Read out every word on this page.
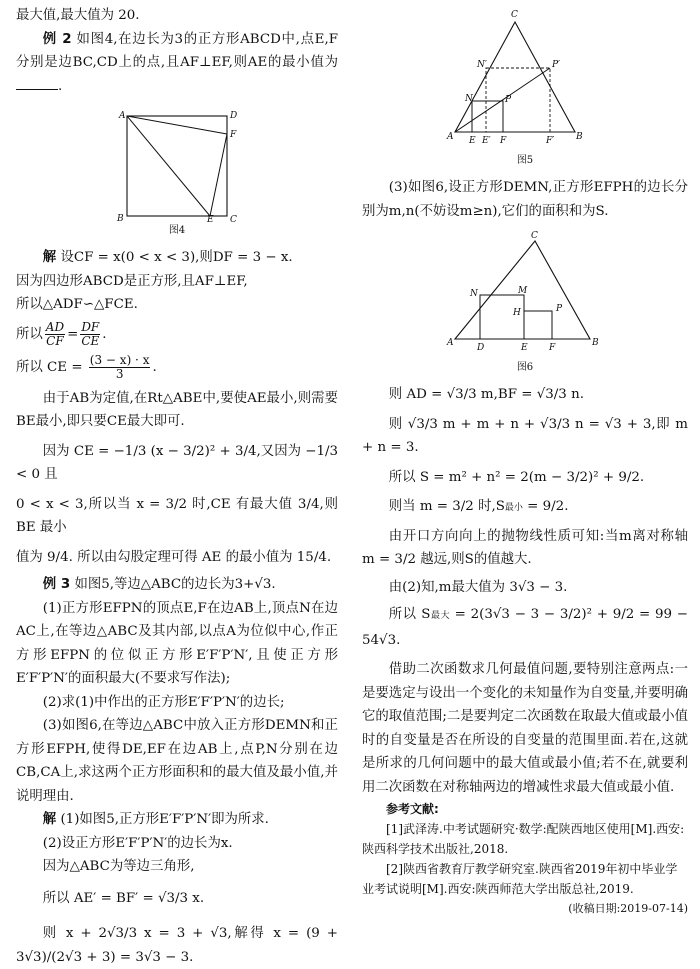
最大值,最大值为 20.

例 2 如图4,在边长为3的正方形ABCD中,点E,F分别是边BC,CD上的点,且AF⊥EF,则AE的最小值为 .

A	D
F
B	E C
图4

解 设CF = x(0 < x < 3),则DF = 3 − x.

因为四边形ABCD是正方形,且AF⊥EF,

所以△ADF∽△FCE.

所以 $\frac{AD}{CF} = \frac{DF}{CE}$ .

所以 CE = $\frac{(3 - x) \cdot x}{3}$ .

由于AB为定值,在Rt△ABE中,要使AE最小,则需要BE最小,即只要CE最大即可.

因为 CE = −1/3 (x − 3/2)² + 3/4,又因为 −1/3 < 0 且

0 < x < 3,所以当 x = 3/2 时,CE 有最大值 3/4,则 BE 最小

值为 9/4. 所以由勾股定理可得 AE 的最小值为 15/4.

例 3 如图5,等边△ABC的边长为3+√3.

(1)正方形EFPN的顶点E,F在边AB上,顶点N在边AC上,在等边△ABC及其内部,以点A为位似中心,作正方形EFPN的位似正方形E′F′P′N′,且使正方形E′F′P′N′的面积最大(不要求写作法);

(2)求(1)中作出的正方形E′F′P′N′的边长;

(3)如图6,在等边△ABC中放入正方形DEMN和正方形EFPH,使得DE,EF在边AB上,点P,N分别在边CB,CA上,求这两个正方形面积和的最大值及最小值,并说明理由.

解 (1)如图5,正方形E′F′P′N′即为所求.

(2)设正方形E′F′P′N′的边长为x.

因为△ABC为等边三角形,

所以 AE′ = BF′ = √3/3 x.

则 x + 2√3/3 x = 3 + √3,解得 x = (9 + 3√3)/(2√3 + 3) = 3√3 − 3.

C
N′	P′
N	P
A E E′ F	F′ B
图5

(3)如图6,设正方形DEMN,正方形EFPH的边长分别为m,n(不妨设m≥n),它们的面积和为S.

C
N	M
H	P
A	D	E F	B
图6

则 AD = √3/3 m,BF = √3/3 n.

则 √3/3 m + m + n + √3/3 n = √3 + 3,即 m + n = 3.

所以 S = m² + n² = 2(m − 3/2)² + 9/2.

则当 m = 3/2 时,S最小 = 9/2.

由开口方向向上的抛物线性质可知:当m离对称轴 m = 3/2 越远,则S的值越大.

由(2)知,m最大值为 3√3 − 3.

所以 S最大 = 2(3√3 − 3 − 3/2)² + 9/2 = 99 − 54√3.

借助二次函数求几何最值问题,要特别注意两点:一是要选定与设出一个变化的未知量作为自变量,并要明确它的取值范围;二是要判定二次函数在取最大值或最小值时的自变量是否在所设的自变量的范围里面.若在,这就是所求的几何问题中的最大值或最小值;若不在,就要利用二次函数在对称轴两边的增减性求最大值或最小值.

参考文献:
[1]武泽涛.中考试题研究·数学:配陕西地区使用[M].西安:陕西科学技术出版社,2018.
[2]陕西省教育厅教学研究室.陕西省2019年初中毕业学业考试说明[M].西安:陕西师范大学出版总社,2019.
(收稿日期:2019-07-14)
